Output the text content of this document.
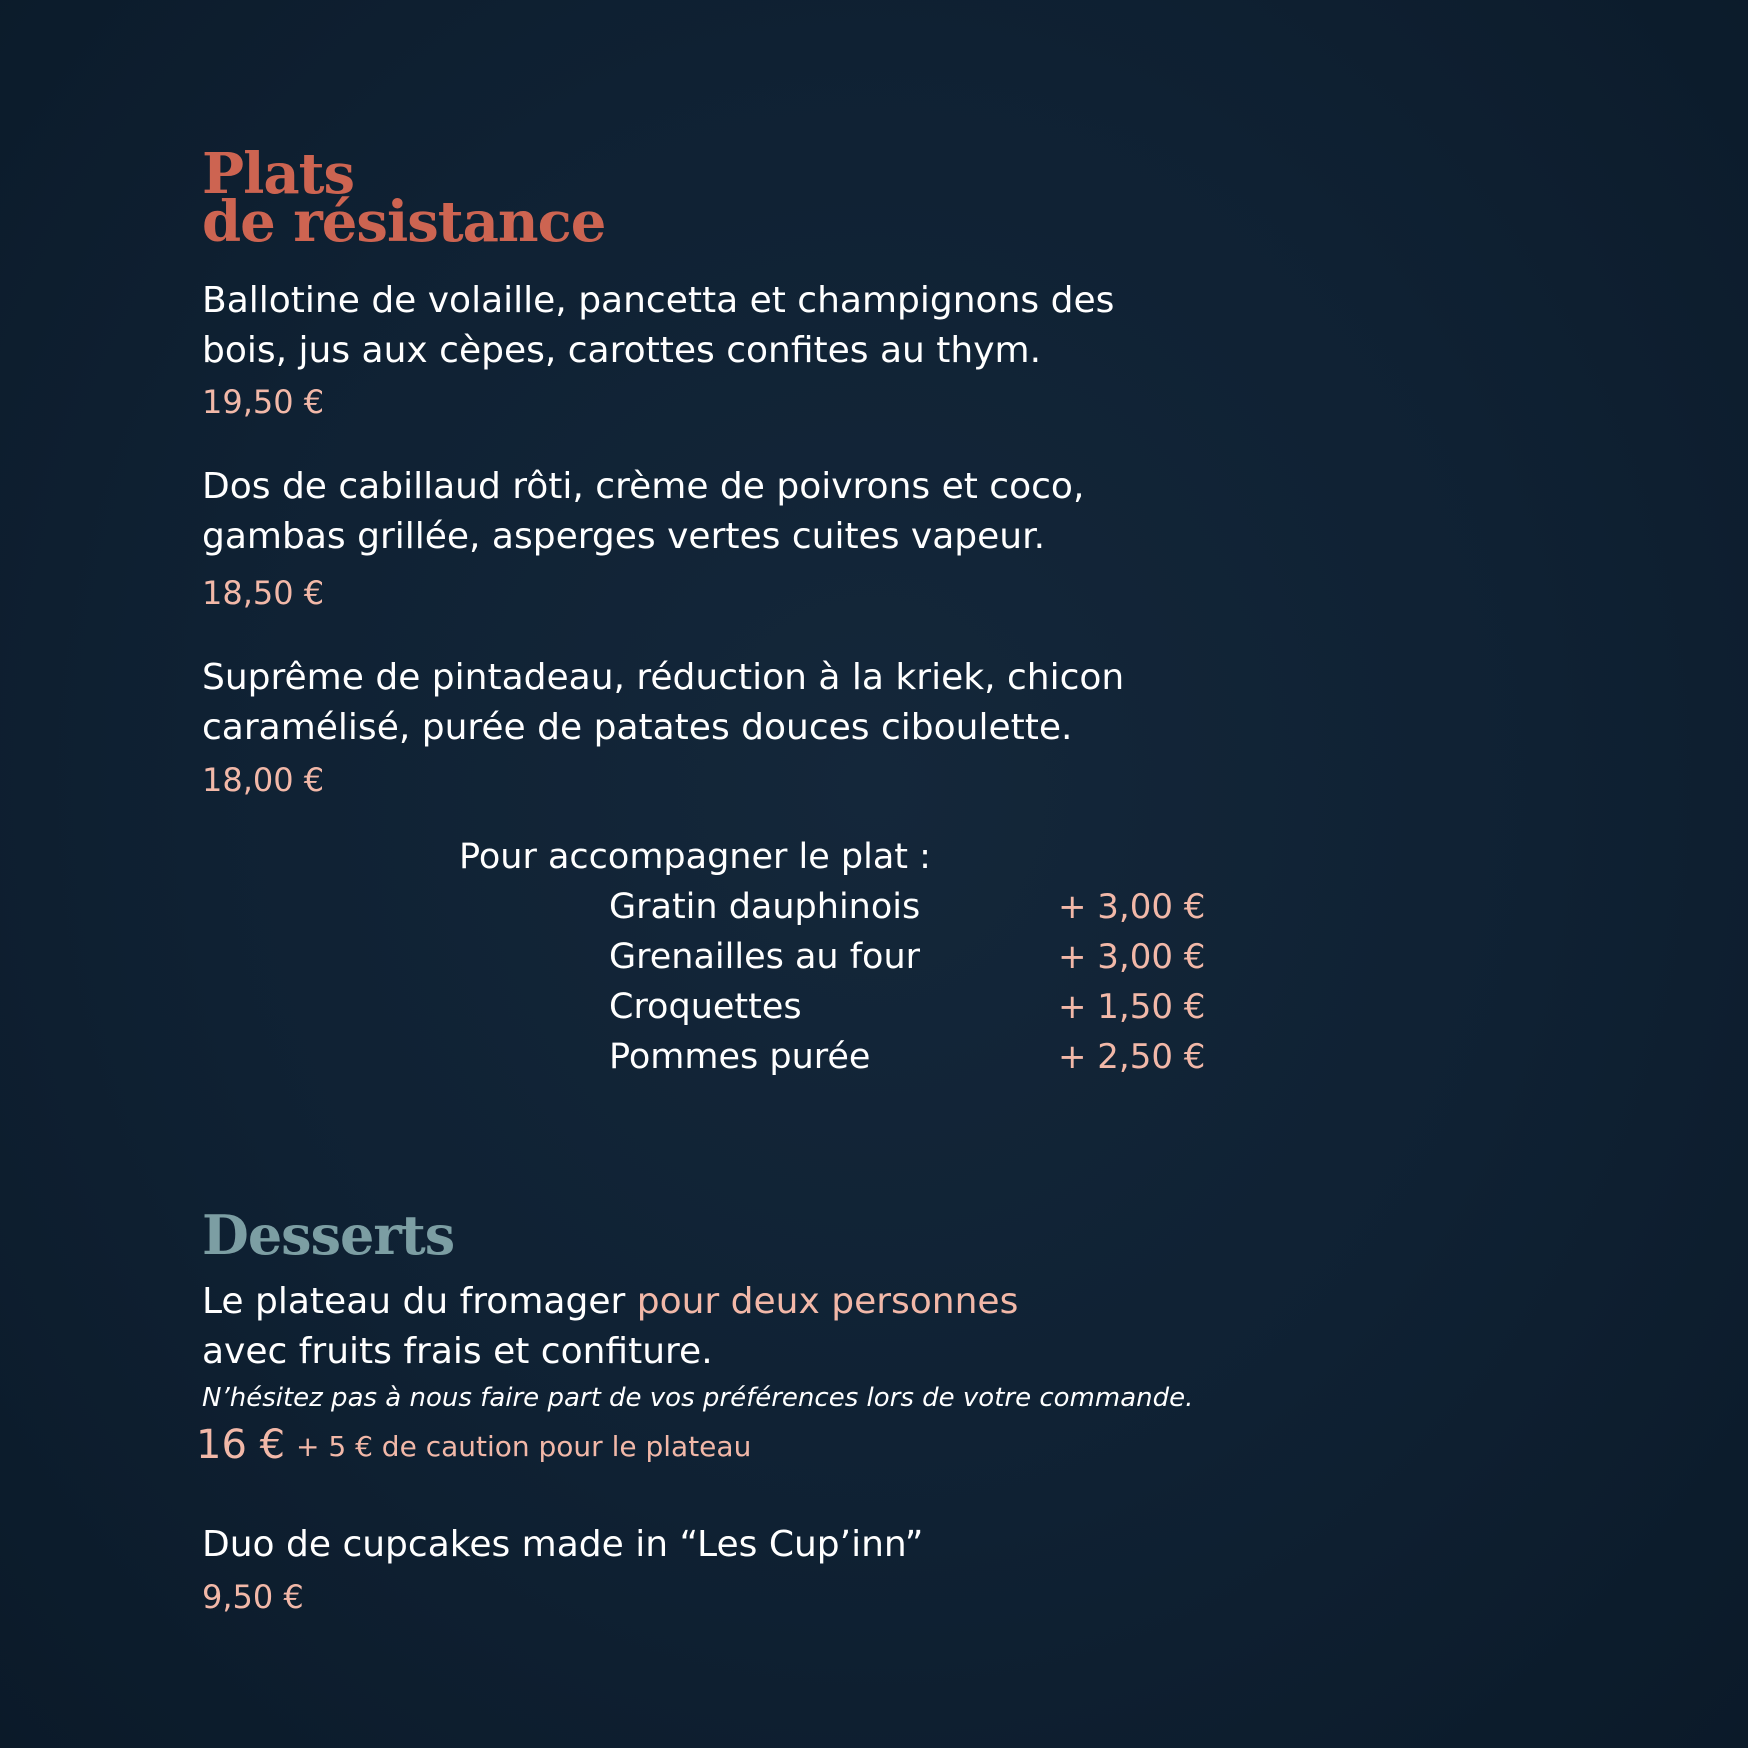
Plats
de résistance

Ballotine de volaille, pancetta et champignons des
bois, jus aux cèpes, carottes confites au thym.

19,50 €

Dos de cabillaud rôti, crème de poivrons et coco,
gambas grillée, asperges vertes cuites vapeur.

18,50 €

Suprême de pintadeau, réduction à la kriek, chicon
caramélisé, purée de patates douces ciboulette.

18,00 €

Pour accompagner le plat :

Gratin dauphinois	+ 3,00 €
Grenailles au four	+ 3,00 €
Croquettes	+ 1,50 €
Pommes purée	+ 2,50 €
Desserts

Le plateau du fromager pour deux personnes
avec fruits frais et confiture.

N’hésitez pas à nous faire part de vos préférences lors de votre commande.

16 € + 5 € de caution pour le plateau

Duo de cupcakes made in “Les Cup’inn”

9,50 €
